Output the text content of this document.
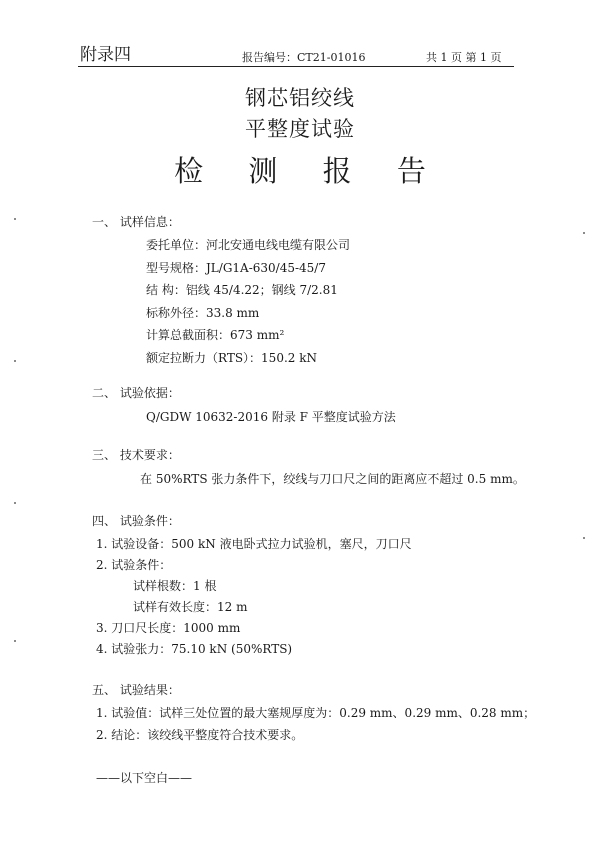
附录四	报告编号：CT21-01016	共 1 页 第 1 页
钢芯铝绞线
平整度试验
检 测 报 告
一、 试样信息：
委托单位：河北安通电线电缆有限公司
型号规格：JL/G1A-630/45-45/7
结 构：铝线 45/4.22；钢线 7/2.81
标称外径：33.8 mm
计算总截面积：673 mm²
额定拉断力（RTS）：150.2 kN
二、 试验依据：
Q/GDW 10632-2016 附录 F 平整度试验方法
三、 技术要求：
在 50%RTS 张力条件下，绞线与刀口尺之间的距离应不超过 0.5 mm。
四、 试验条件：
1. 试验设备：500 kN 液电卧式拉力试验机，塞尺，刀口尺
2. 试验条件：
试样根数：1 根
试样有效长度：12 m
3. 刀口尺长度：1000 mm
4. 试验张力：75.10 kN (50%RTS)
五、 试验结果：
1. 试验值：试样三处位置的最大塞规厚度为：0.29 mm、0.29 mm、0.28 mm；
2. 结论：该绞线平整度符合技术要求。
——以下空白——
